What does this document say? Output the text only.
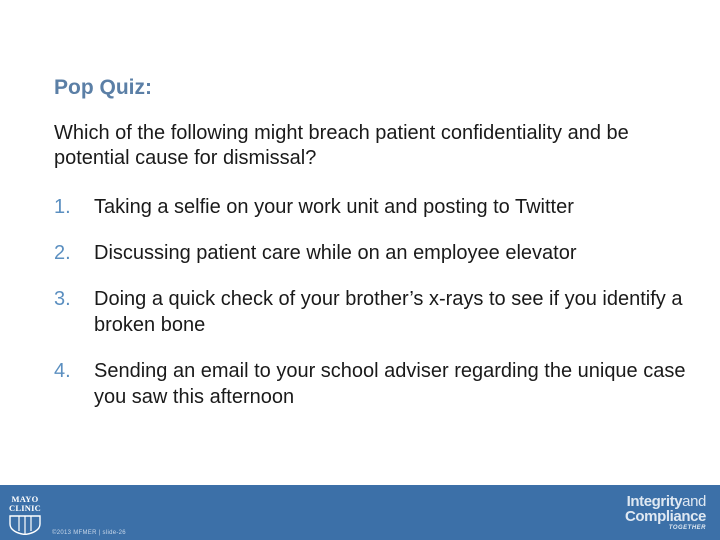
Pop Quiz:
Which of the following might breach patient confidentiality and be potential cause for dismissal?
1. Taking a selfie on your work unit and posting to Twitter
2. Discussing patient care while on an employee elevator
3. Doing a quick check of your brother’s x-rays to see if you identify a broken bone
4. Sending an email to your school adviser regarding the unique case you saw this afternoon
MAYO
CLINIC
©2013 MFMER | slide-26
Integrityand
Compliance
TOGETHER
